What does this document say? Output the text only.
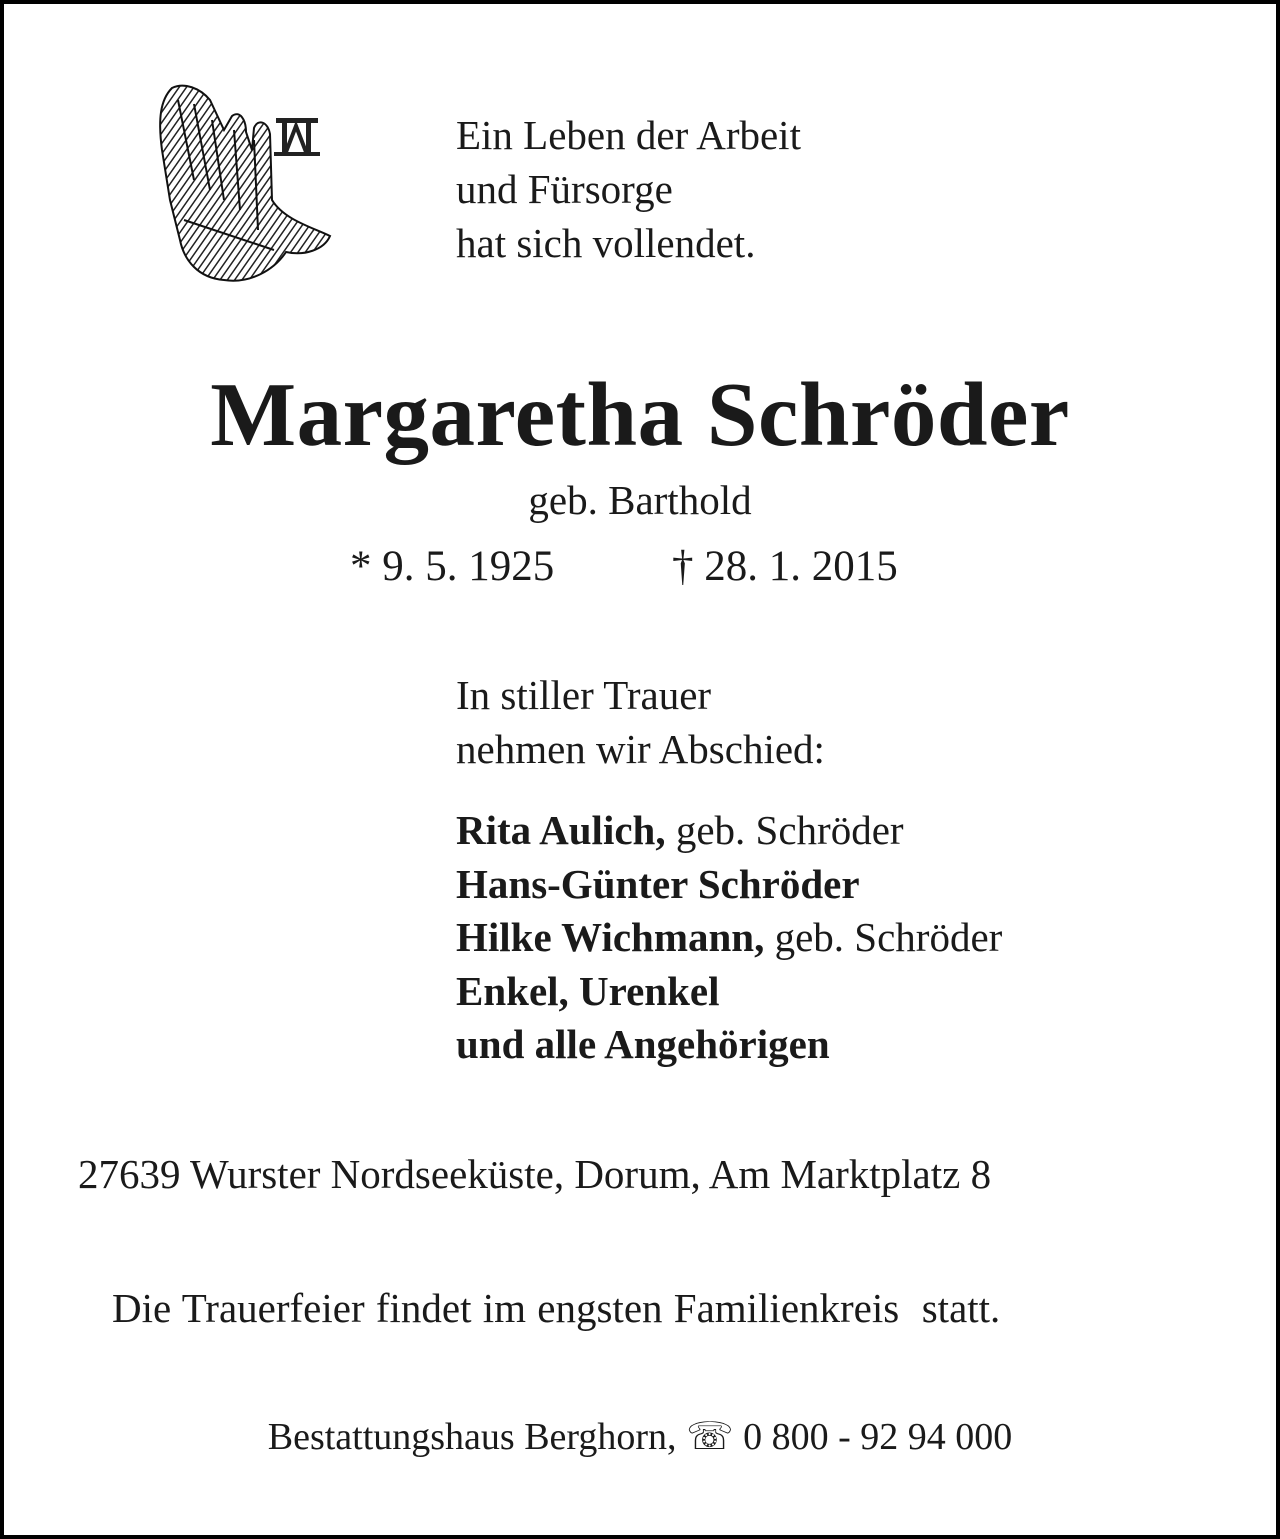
Ein Leben der Arbeit
und Fürsorge
hat sich vollendet.
Margaretha Schröder
geb. Barthold
* 9. 5. 1925	† 28. 1. 2015
In stiller Trauer
nehmen wir Abschied:
Rita Aulich, geb. Schröder
Hans-Günter Schröder
Hilke Wichmann, geb. Schröder
Enkel, Urenkel
und alle Angehörigen
27639 Wurster Nordseeküste, Dorum, Am Marktplatz 8
Die Trauerfeier findet im engsten Familienkreis  statt.
Bestattungshaus Berghorn, ☏ 0 800 - 92 94 000
